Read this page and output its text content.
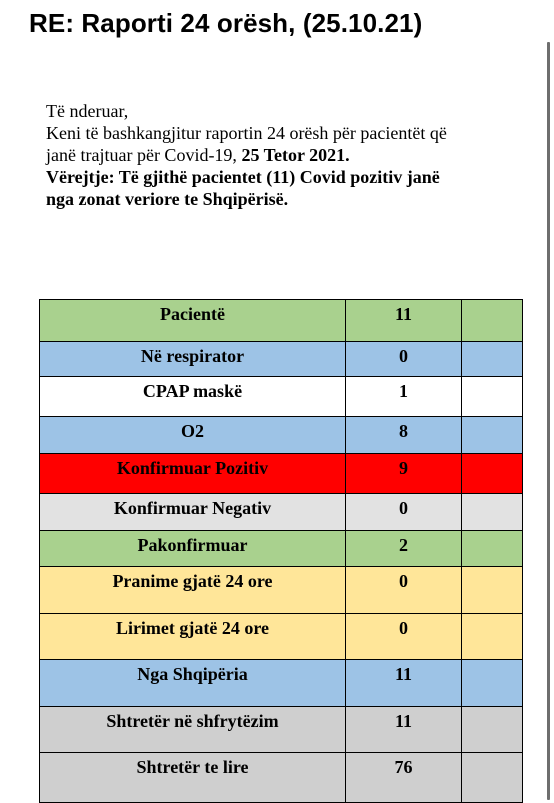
RE: Raporti 24 orësh, (25.10.21)

Të nderuar,

Keni të bashkangjitur raportin 24 orësh për pacientët që

janë trajtuar për Covid-19, 25 Tetor 2021.

Vërejtje: Të gjithë pacientet (11) Covid pozitiv janë

nga zonat veriore te Shqipërisë.

Pacientë	11	
Në respirator	0	
CPAP maskë	1	
O2	8	
Konfirmuar Pozitiv	9	
Konfirmuar Negativ	0	
Pakonfirmuar	2	
Pranime gjatë 24 ore	0	
Lirimet gjatë 24 ore	0	
Nga Shqipëria	11	
Shtretër në shfrytëzim	11	
Shtretër te lire	76	
